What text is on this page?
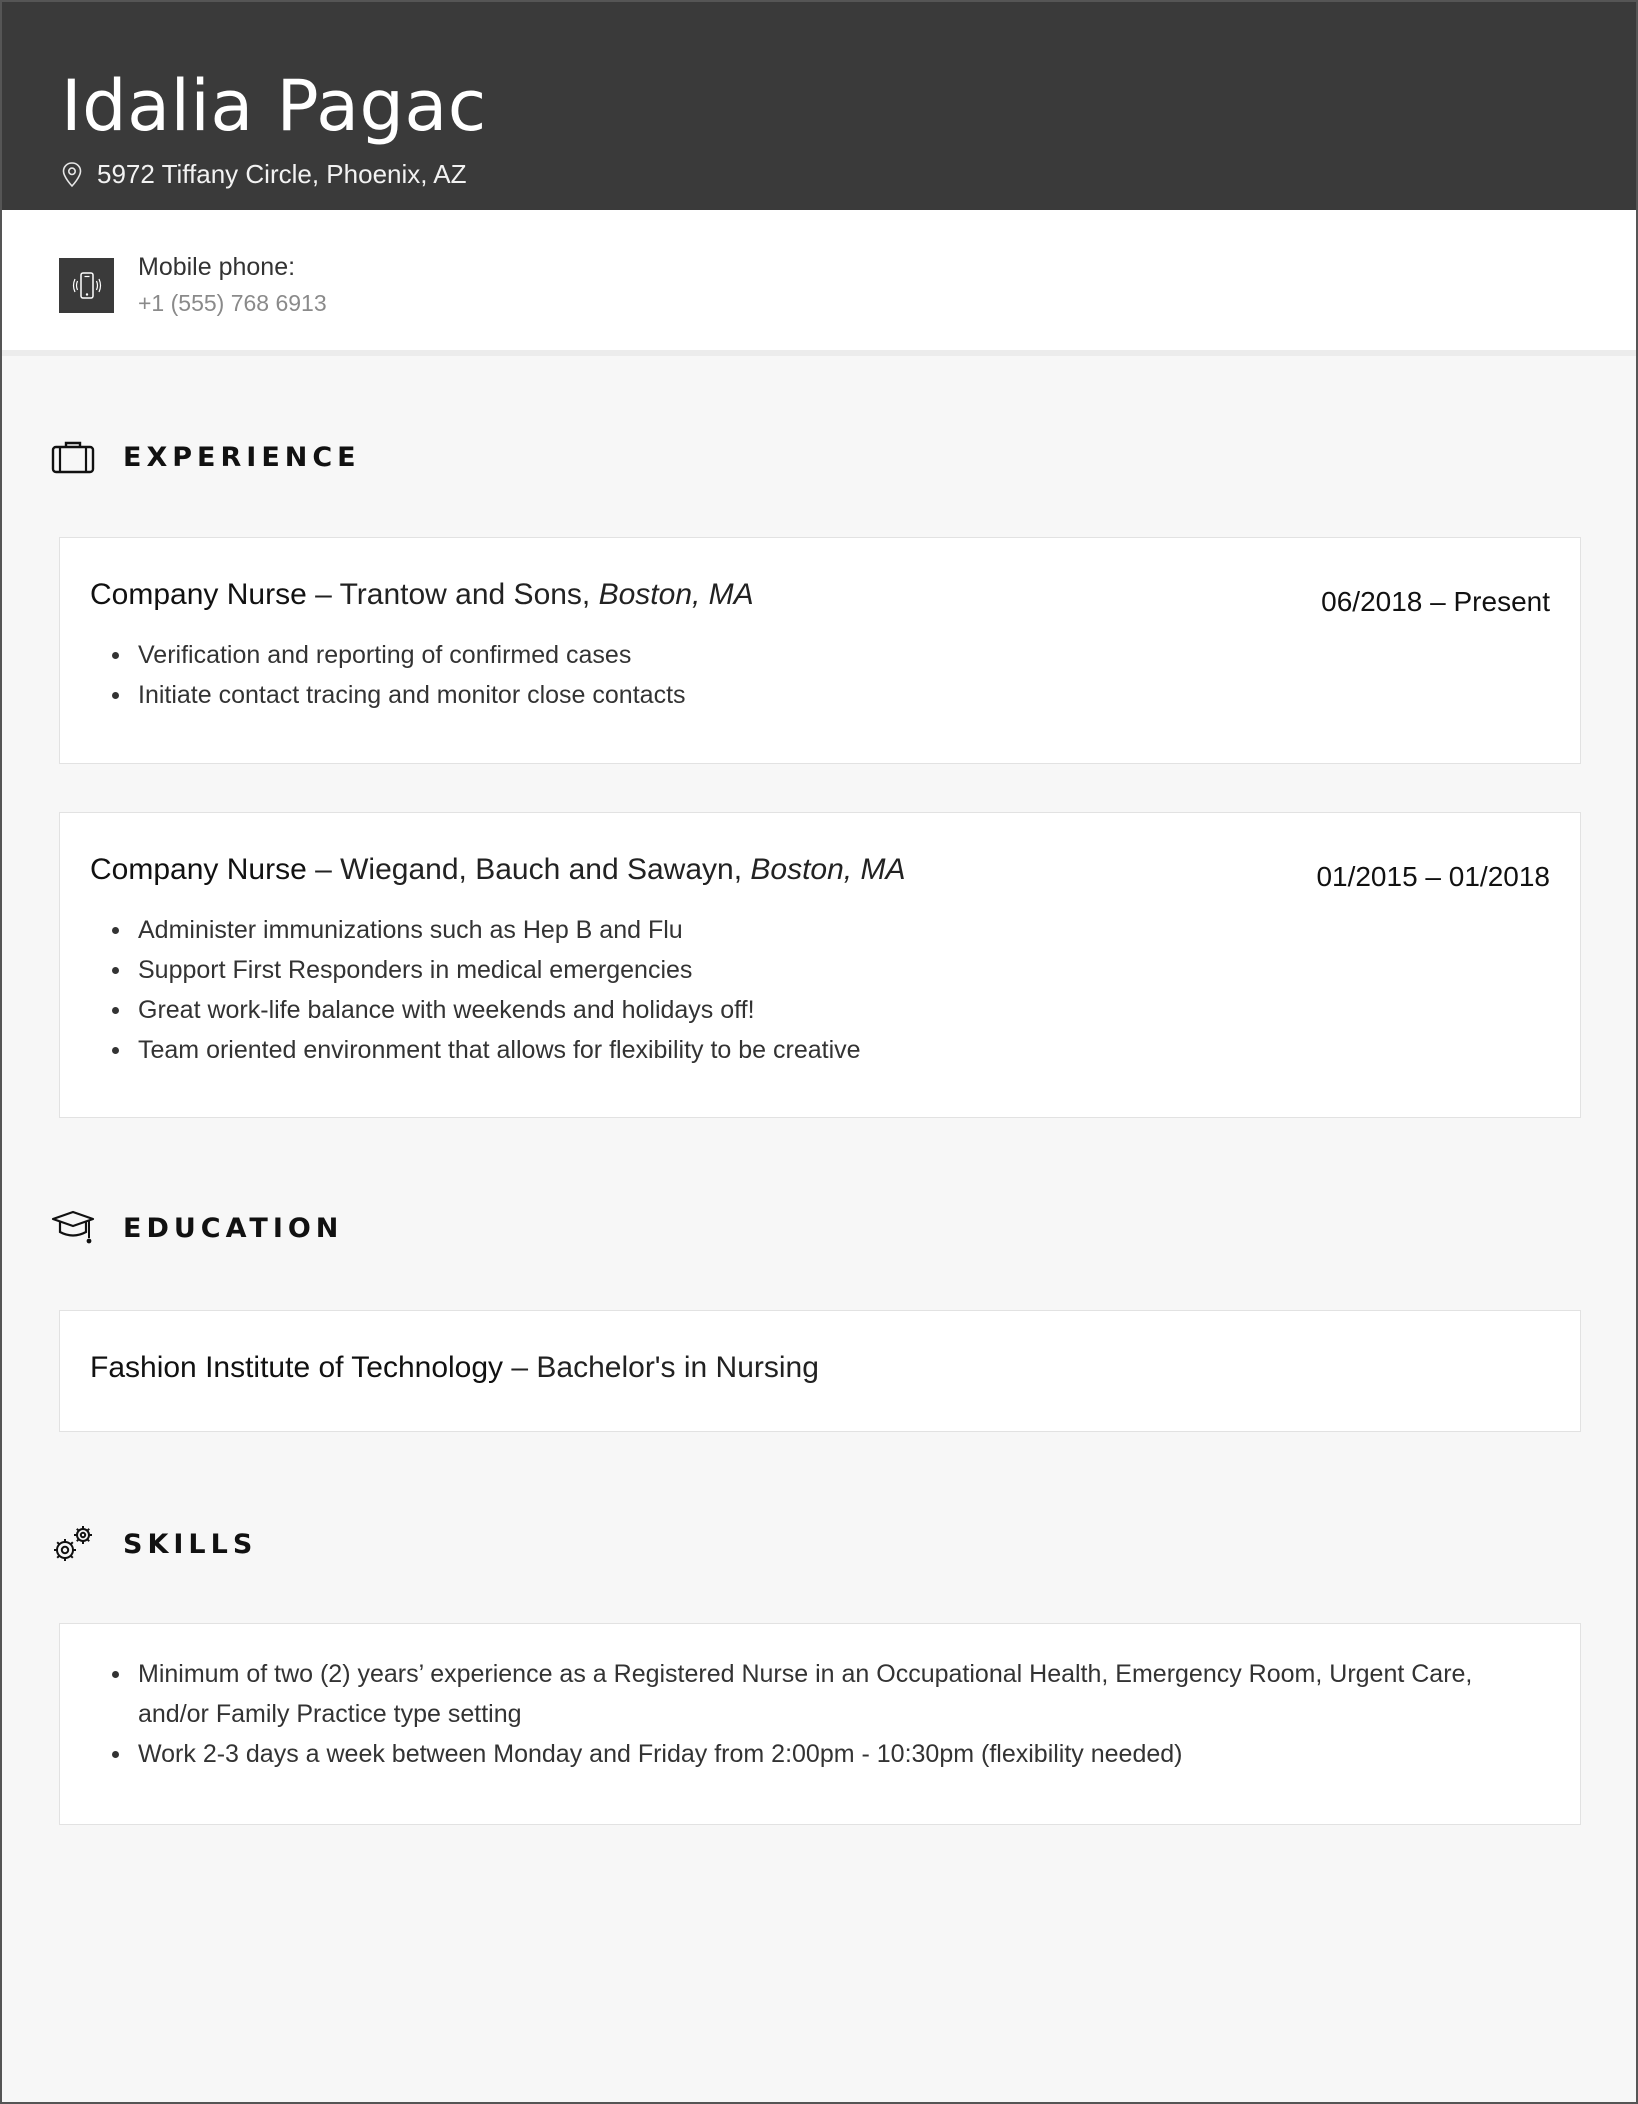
Idalia Pagac
5972 Tiffany Circle, Phoenix, AZ
Mobile phone:
+1 (555) 768 6913
EXPERIENCE
Company Nurse – Trantow and Sons, Boston, MA	06/2018 – Present
Verification and reporting of confirmed cases
Initiate contact tracing and monitor close contacts
Company Nurse – Wiegand, Bauch and Sawayn, Boston, MA	01/2015 – 01/2018
Administer immunizations such as Hep B and Flu
Support First Responders in medical emergencies
Great work-life balance with weekends and holidays off!
Team oriented environment that allows for flexibility to be creative
EDUCATION
Fashion Institute of Technology – Bachelor's in Nursing
SKILLS
Minimum of two (2) years’ experience as a Registered Nurse in an Occupational Health, Emergency Room, Urgent Care, and/or Family Practice type setting
Work 2-3 days a week between Monday and Friday from 2:00pm - 10:30pm (flexibility needed)
